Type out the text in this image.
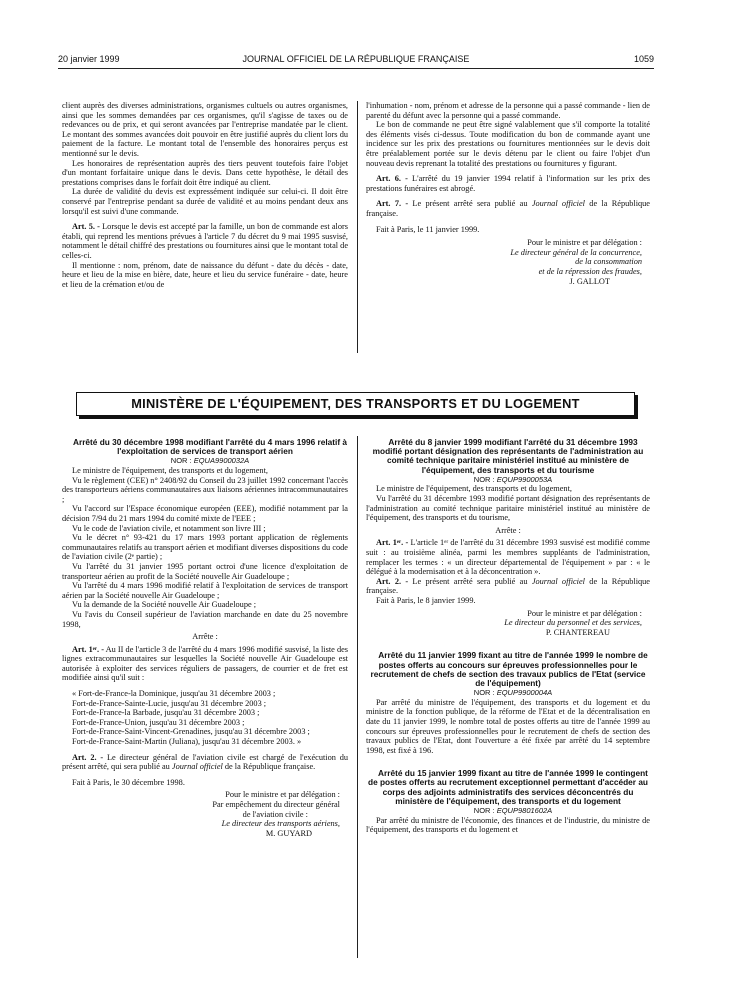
20 janvier 1999	JOURNAL OFFICIEL DE LA RÉPUBLIQUE FRANÇAISE	1059

client auprès des diverses administrations, organismes cultuels ou autres organismes, ainsi que les sommes demandées par ces organismes, qu'il s'agisse de taxes ou de redevances ou de prix, et qui seront avancées par l'entreprise mandatée par le client. Le montant des sommes avancées doit pouvoir en être justifié auprès du client lors du paiement de la facture. Le montant total de l'ensemble des honoraires perçus est mentionné sur le devis.

Les honoraires de représentation auprès des tiers peuvent toutefois faire l'objet d'un montant forfaitaire unique dans le devis. Dans cette hypothèse, le détail des prestations comprises dans le forfait doit être indiqué au client.

La durée de validité du devis est expressément indiquée sur celui-ci. Il doit être conservé par l'entreprise pendant sa durée de validité et au moins pendant deux ans lorsqu'il est suivi d'une commande.

Art. 5. - Lorsque le devis est accepté par la famille, un bon de commande est alors établi, qui reprend les mentions prévues à l'article 7 du décret du 9 mai 1995 susvisé, notamment le détail chiffré des prestations ou fournitures ainsi que le montant total de celles-ci.

Il mentionne : nom, prénom, date de naissance du défunt - date du décès - date, heure et lieu de la mise en bière, date, heure et lieu du service funéraire - date, heure et lieu de la crémation et/ou de

l'inhumation - nom, prénom et adresse de la personne qui a passé commande - lien de parenté du défunt avec la personne qui a passé commande.

Le bon de commande ne peut être signé valablement que s'il comporte la totalité des éléments visés ci-dessus. Toute modification du bon de commande ayant une incidence sur les prix des prestations ou fournitures mentionnées sur le devis doit être préalablement portée sur le devis détenu par le client ou faire l'objet d'un nouveau devis reprenant la totalité des prestations ou fournitures y figurant.

Art. 6. - L'arrêté du 19 janvier 1994 relatif à l'information sur les prix des prestations funéraires est abrogé.

Art. 7. - Le présent arrêté sera publié au Journal officiel de la République française.

Fait à Paris, le 11 janvier 1999.

Pour le ministre et par délégation :

Le directeur général de la concurrence,

de la consommation

et de la répression des fraudes,

J. GALLOT

MINISTÈRE DE L'ÉQUIPEMENT, DES TRANSPORTS ET DU LOGEMENT

Arrêté du 30 décembre 1998 modifiant l'arrêté du 4 mars 1996 relatif à l'exploitation de services de transport aérien

NOR : EQUA9900032A

Le ministre de l'équipement, des transports et du logement,

Vu le règlement (CEE) n° 2408/92 du Conseil du 23 juillet 1992 concernant l'accès des transporteurs aériens communautaires aux liaisons aériennes intracommunautaires ;

Vu l'accord sur l'Espace économique européen (EEE), modifié notamment par la décision 7/94 du 21 mars 1994 du comité mixte de l'EEE ;

Vu le code de l'aviation civile, et notamment son livre III ;

Vu le décret n° 93-421 du 17 mars 1993 portant application de règlements communautaires relatifs au transport aérien et modifiant diverses dispositions du code de l'aviation civile (2ᵉ partie) ;

Vu l'arrêté du 31 janvier 1995 portant octroi d'une licence d'exploitation de transporteur aérien au profit de la Société nouvelle Air Guadeloupe ;

Vu l'arrêté du 4 mars 1996 modifié relatif à l'exploitation de services de transport aérien par la Société nouvelle Air Guadeloupe ;

Vu la demande de la Société nouvelle Air Guadeloupe ;

Vu l'avis du Conseil supérieur de l'aviation marchande en date du 25 novembre 1998,

Arrête :

Art. 1ᵉʳ. - Au II de l'article 3 de l'arrêté du 4 mars 1996 modifié susvisé, la liste des lignes extracommunautaires sur lesquelles la Société nouvelle Air Guadeloupe est autorisée à exploiter des services réguliers de passagers, de courrier et de fret est modifiée ainsi qu'il suit :

« Fort-de-France-la Dominique, jusqu'au 31 décembre 2003 ;

Fort-de-France-Sainte-Lucie, jusqu'au 31 décembre 2003 ;

Fort-de-France-la Barbade, jusqu'au 31 décembre 2003 ;

Fort-de-France-Union, jusqu'au 31 décembre 2003 ;

Fort-de-France-Saint-Vincent-Grenadines, jusqu'au 31 décembre 2003 ;

Fort-de-France-Saint-Martin (Juliana), jusqu'au 31 décembre 2003. »

Art. 2. - Le directeur général de l'aviation civile est chargé de l'exécution du présent arrêté, qui sera publié au Journal officiel de la République française.

Fait à Paris, le 30 décembre 1998.

Pour le ministre et par délégation :

Par empêchement du directeur général

de l'aviation civile :

Le directeur des transports aériens,

M. GUYARD

Arrêté du 8 janvier 1999 modifiant l'arrêté du 31 décembre 1993 modifié portant désignation des représentants de l'administration au comité technique paritaire ministériel institué au ministère de l'équipement, des transports et du tourisme

NOR : EQUP9900053A

Le ministre de l'équipement, des transports et du logement,

Vu l'arrêté du 31 décembre 1993 modifié portant désignation des représentants de l'administration au comité technique paritaire ministériel institué au ministère de l'équipement, des transports et du tourisme,

Arrête :

Art. 1ᵉʳ. - L'article 1ᵉʳ de l'arrêté du 31 décembre 1993 susvisé est modifié comme suit : au troisième alinéa, parmi les membres suppléants de l'administration, remplacer les termes : « un directeur départemental de l'équipement » par : « le délégué à la modernisation et à la déconcentration ».

Art. 2. - Le présent arrêté sera publié au Journal officiel de la République française.

Fait à Paris, le 8 janvier 1999.

Pour le ministre et par délégation :

Le directeur du personnel et des services,

P. CHANTEREAU

Arrêté du 11 janvier 1999 fixant au titre de l'année 1999 le nombre de postes offerts au concours sur épreuves professionnelles pour le recrutement de chefs de section des travaux publics de l'Etat (service de l'équipement)

NOR : EQUP9900004A

Par arrêté du ministre de l'équipement, des transports et du logement et du ministre de la fonction publique, de la réforme de l'Etat et de la décentralisation en date du 11 janvier 1999, le nombre total de postes offerts au titre de l'année 1999 au concours sur épreuves professionnelles pour le recrutement de chefs de section des travaux publics de l'Etat, dont l'ouverture a été fixée par arrêté du 14 septembre 1998, est fixé à 196.

Arrêté du 15 janvier 1999 fixant au titre de l'année 1999 le contingent de postes offerts au recrutement exceptionnel permettant d'accéder au corps des adjoints administratifs des services déconcentrés du ministère de l'équipement, des transports et du logement

NOR : EQUP9801602A

Par arrêté du ministre de l'économie, des finances et de l'industrie, du ministre de l'équipement, des transports et du logement et
